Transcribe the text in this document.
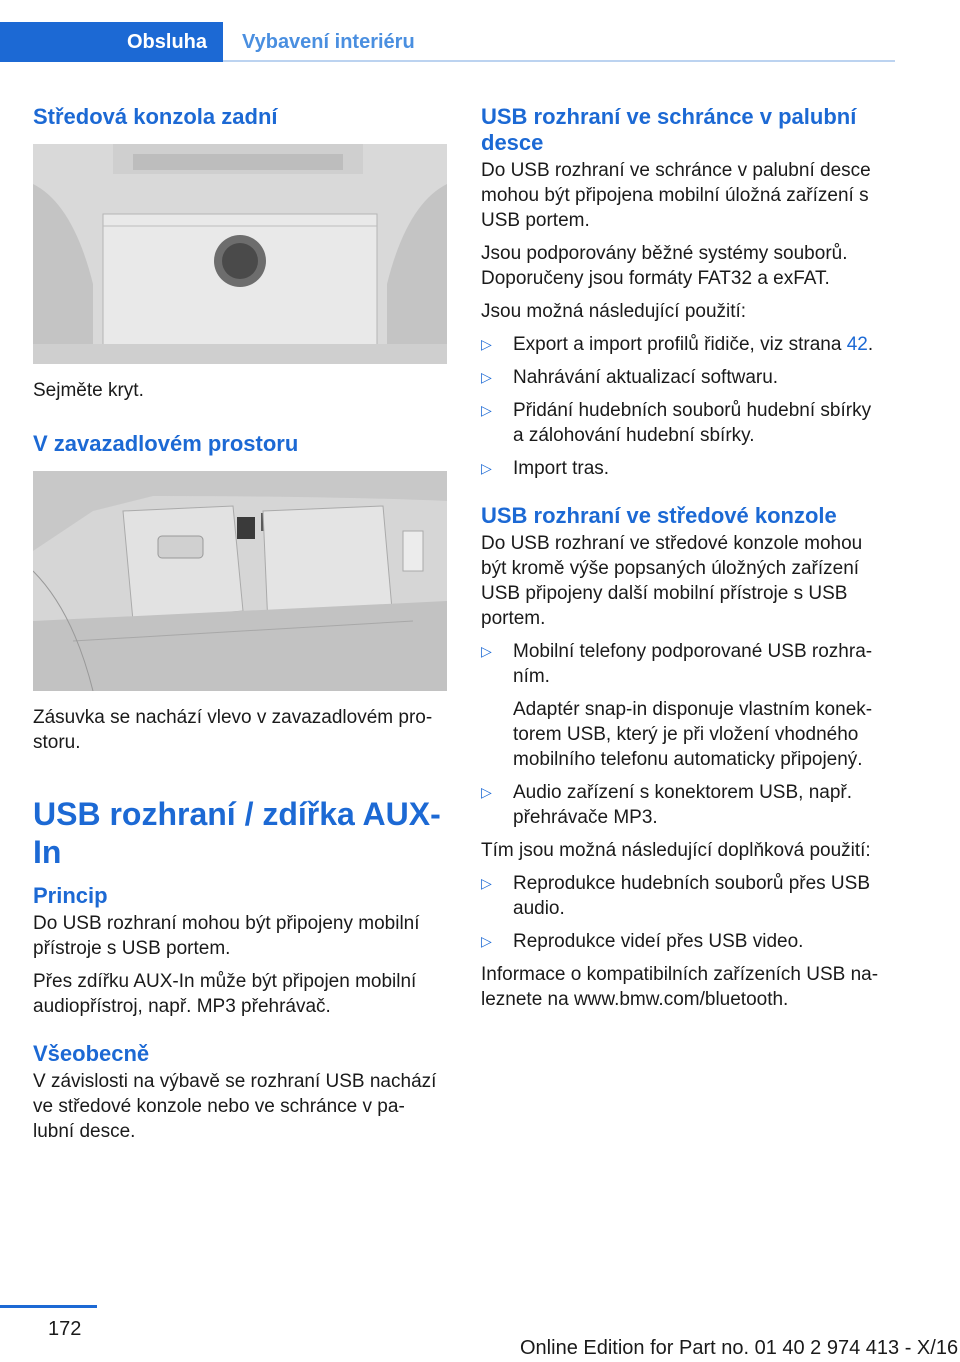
Obsluha	Vybavení interiéru
Středová konzola zadní

Sejměte kryt.

V zavazadlovém prostoru

Zásuvka se nachází vlevo v zavazadlovém pro‐

storu.

USB rozhraní / zdířka AUX-In
Princip

Do USB rozhraní mohou být připojeny mobilní

přístroje s USB portem.

Přes zdířku AUX-In může být připojen mobilní

audiopřístroj, např. MP3 přehrávač.

Všeobecně

V závislosti na výbavě se rozhraní USB nachází

ve středové konzole nebo ve schránce v pa‐

lubní desce.

USB rozhraní ve schránce v palubní
desce

Do USB rozhraní ve schránce v palubní desce

mohou být připojena mobilní úložná zařízení s

USB portem.

Jsou podporovány běžné systémy souborů.

Doporučeny jsou formáty FAT32 a exFAT.

Jsou možná následující použití:

▷ Export a import profilů řidiče, viz strana 42.
▷ Nahrávání aktualizací softwaru.
▷ Přidání hudebních souborů hudební sbírky
a zálohování hudební sbírky.
▷ Import tras.
USB rozhraní ve středové konzole

Do USB rozhraní ve středové konzole mohou

být kromě výše popsaných úložných zařízení

USB připojeny další mobilní přístroje s USB

portem.

▷ Mobilní telefony podporované USB rozhra‐
ním.
Adaptér snap-in disponuje vlastním konek‐
torem USB, který je při vložení vhodného
mobilního telefonu automaticky připojený.
▷ Audio zařízení s konektorem USB, např.
přehrávače MP3.

Tím jsou možná následující doplňková použití:

▷ Reprodukce hudebních souborů přes USB
audio.
▷ Reprodukce videí přes USB video.

Informace o kompatibilních zařízeních USB na‐

leznete na www.bmw.com/bluetooth.

172
Online Edition for Part no. 01 40 2 974 413 - X/16
